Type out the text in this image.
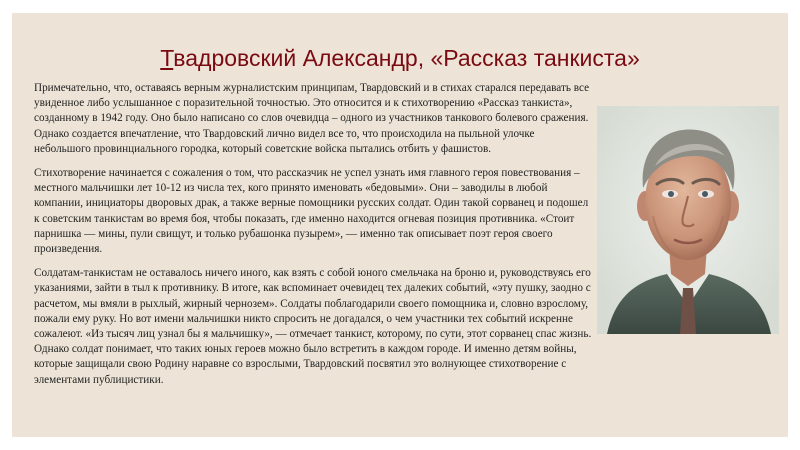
Твадровский Александр, «Рассказ танкиста»

Примечательно, что, оставаясь верным журналистским принципам, Твардовский и в стихах старался передавать все увиденное либо услышанное с поразительной точностью. Это относится и к стихотворению «Рассказ танкиста», созданному в 1942 году. Оно было написано со слов очевидца – одного из участников танкового болевого сражения. Однако создается впечатление, что Твардовский лично видел все то, что происходила на пыльной улочке небольшого провинциального городка, который советские войска пытались отбить у фашистов.

Стихотворение начинается с сожаления о том, что рассказчик не успел узнать имя главного героя повествования – местного мальчишки лет 10-12 из числа тех, кого принято именовать «бедовыми». Они – заводилы в любой компании, инициаторы дворовых драк, а также верные помощники русских солдат. Один такой сорванец и подошел к советским танкистам во время боя, чтобы показать, где именно находится огневая позиция противника. «Стоит парнишка — мины, пули свищут, и только рубашонка пузырем», — именно так описывает поэт героя своего произведения.

Солдатам-танкистам не оставалось ничего иного, как взять с собой юного смельчака на броню и, руководствуясь его указаниями, зайти в тыл к противнику. В итоге, как вспоминает очевидец тех далеких событий, «эту пушку, заодно с расчетом, мы вмяли в рыхлый, жирный чернозем». Солдаты поблагодарили своего помощника и, словно взрослому, пожали ему руку. Но вот имени мальчишки никто спросить не догадался, о чем участники тех событий искренне сожалеют. «Из тысяч лиц узнал бы я мальчишку», — отмечает танкист, которому, по сути, этот сорванец спас жизнь. Однако солдат понимает, что таких юных героев можно было встретить в каждом городе. И именно детям войны, которые защищали свою Родину наравне со взрослыми, Твардовский посвятил это волнующее стихотворение с элементами публицистики.
